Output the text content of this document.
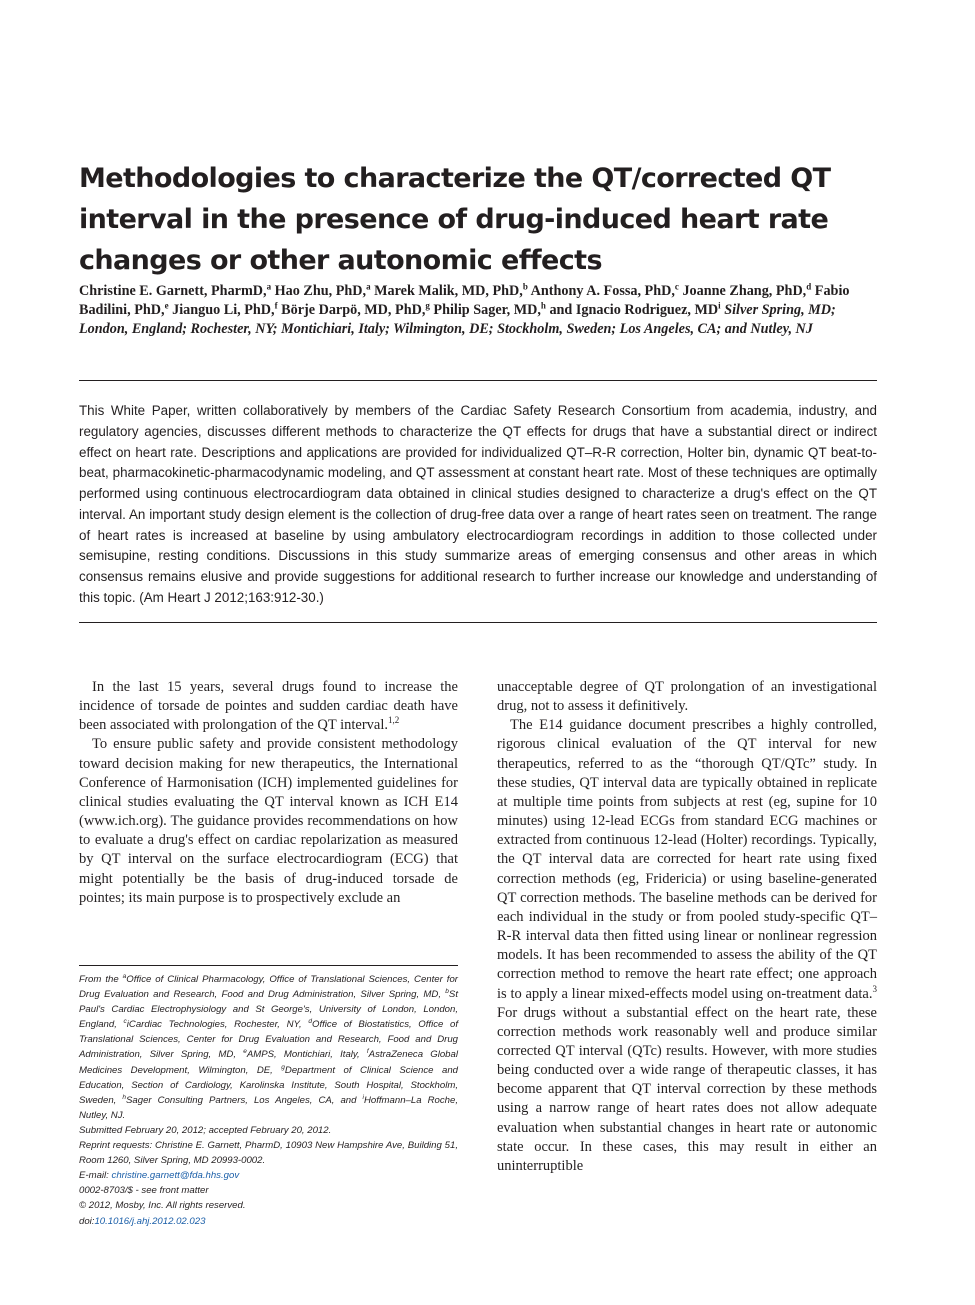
Methodologies to characterize the QT/corrected QT interval in the presence of drug-induced heart rate changes or other autonomic effects
Christine E. Garnett, PharmD,$^a$ Hao Zhu, PhD,$^a$ Marek Malik, MD, PhD,$^b$ Anthony A. Fossa, PhD,$^c$ Joanne Zhang, PhD,$^d$ Fabio Badilini, PhD,$^e$ Jianguo Li, PhD,$^f$ Börje Darpö, MD, PhD,$^g$ Philip Sager, MD,$^h$ and Ignacio Rodriguez, $MD^i$ Silver Spring, MD; London, England; Rochester, NY; Montichiari, Italy; Wilmington, DE; Stockholm, Sweden; Los Angeles, CA; and Nutley, NJ
This White Paper, written collaboratively by members of the Cardiac Safety Research Consortium from academia, industry, and regulatory agencies, discusses different methods to characterize the QT effects for drugs that have a substantial direct or indirect effect on heart rate. Descriptions and applications are provided for individualized QT–R-R correction, Holter bin, dynamic QT beat-to-beat, pharmacokinetic-pharmacodynamic modeling, and QT assessment at constant heart rate. Most of these techniques are optimally performed using continuous electrocardiogram data obtained in clinical studies designed to characterize a drug's effect on the QT interval. An important study design element is the collection of drug-free data over a range of heart rates seen on treatment. The range of heart rates is increased at baseline by using ambulatory electrocardiogram recordings in addition to those collected under semisupine, resting conditions. Discussions in this study summarize areas of emerging consensus and other areas in which consensus remains elusive and provide suggestions for additional research to further increase our knowledge and understanding of this topic. (Am Heart J 2012;163:912-30.)

In the last 15 years, several drugs found to increase the incidence of torsade de pointes and sudden cardiac death have been associated with prolongation of the QT interval.$^{1,2}$

To ensure public safety and provide consistent methodology toward decision making for new therapeutics, the International Conference of Harmonisation (ICH) implemented guidelines for clinical studies evaluating the QT interval known as ICH E14 (www.ich.org). The guidance provides recommendations on how to evaluate a drug's effect on cardiac repolarization as measured by QT interval on the surface electrocardiogram (ECG) that might potentially be the basis of drug-induced torsade de pointes; its main purpose is to prospectively exclude an

unacceptable degree of QT prolongation of an investigational drug, not to assess it definitively.

The E14 guidance document prescribes a highly controlled, rigorous clinical evaluation of the QT interval for new therapeutics, referred to as the “thorough QT/QTc” study. In these studies, QT interval data are typically obtained in replicate at multiple time points from subjects at rest (eg, supine for 10 minutes) using 12-lead ECGs from standard ECG machines or extracted from continuous 12-lead (Holter) recordings. Typically, the QT interval data are corrected for heart rate using fixed correction methods (eg, Fridericia) or using baseline-generated QT correction methods. The baseline methods can be derived for each individual in the study or from pooled study-specific QT–R-R interval data then fitted using linear or nonlinear regression models. It has been recommended to assess the ability of the QT correction method to remove the heart rate effect; one approach is to apply a linear mixed-effects model using on-treatment data.$^3$ For drugs without a substantial effect on the heart rate, these correction methods work reasonably well and produce similar corrected QT interval (QTc) results. However, with more studies being conducted over a wide range of therapeutic classes, it has become apparent that QT interval correction by these methods using a narrow range of heart rates does not allow adequate evaluation when substantial changes in heart rate or autonomic state occur. In these cases, this may result in either an uninterruptible

From the $^a$Office of Clinical Pharmacology, Office of Translational Sciences, Center for Drug Evaluation and Research, Food and Drug Administration, Silver Spring, MD, $^b$St Paul's Cardiac Electrophysiology and St George's, University of London, London, England, $^c$iCardiac Technologies, Rochester, NY, $^d$Office of Biostatistics, Office of Translational Sciences, Center for Drug Evaluation and Research, Food and Drug Administration, Silver Spring, MD, $^e$AMPS, Montichiari, Italy, $^f$AstraZeneca Global Medicines Development, Wilmington, DE, $^g$Department of Clinical Science and Education, Section of Cardiology, Karolinska Institute, South Hospital, Stockholm, Sweden, $^h$Sager Consulting Partners, Los Angeles, CA, and $^i$Hoffmann–La Roche, Nutley, NJ.

Submitted February 20, 2012; accepted February 20, 2012.

Reprint requests: Christine E. Garnett, PharmD, 10903 New Hampshire Ave, Building 51, Room 1260, Silver Spring, MD 20993-0002.

E-mail: christine.garnett@fda.hhs.gov

0002-8703/$ - see front matter

© 2012, Mosby, Inc. All rights reserved.

doi:10.1016/j.ahj.2012.02.023
